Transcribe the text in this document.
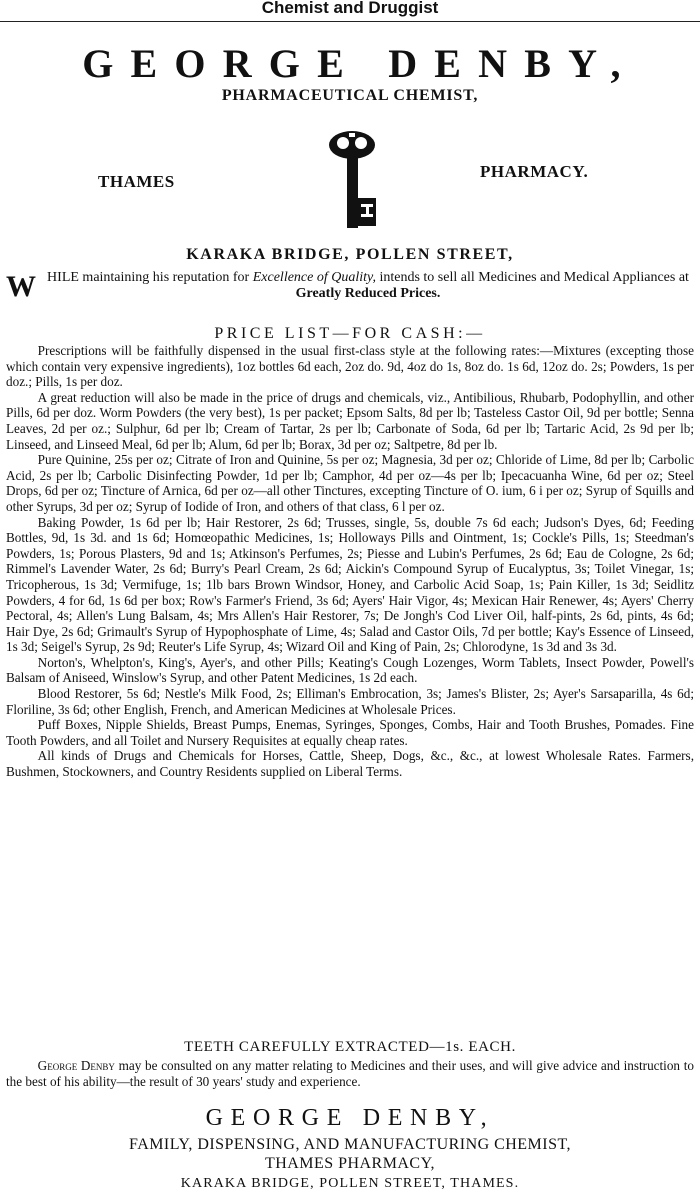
Chemist and Druggist
GEORGE DENBY,
PHARMACEUTICAL CHEMIST,
THAMES
PHARMACY.
KARAKA BRIDGE, POLLEN STREET,
W HILE maintaining his reputation for Excellence of Quality, intends to sell all Medicines and Medical Appliances at Greatly Reduced Prices.

PRICE LIST—FOR CASH:—

Prescriptions will be faithfully dispensed in the usual first-class style at the following rates:—Mixtures (excepting those which contain very expensive ingredients), 1oz bottles 6d each, 2oz do. 9d, 4oz do 1s, 8oz do. 1s 6d, 12oz do. 2s; Powders, 1s per doz.; Pills, 1s per doz.

A great reduction will also be made in the price of drugs and chemicals, viz., Antibilious, Rhubarb, Podophyllin, and other Pills, 6d per doz. Worm Powders (the very best), 1s per packet; Epsom Salts, 8d per lb; Tasteless Castor Oil, 9d per bottle; Senna Leaves, 2d per oz.; Sulphur, 6d per lb; Cream of Tartar, 2s per lb; Carbonate of Soda, 6d per lb; Tartaric Acid, 2s 9d per lb; Linseed, and Linseed Meal, 6d per lb; Alum, 6d per lb; Borax, 3d per oz; Saltpetre, 8d per lb.

Pure Quinine, 25s per oz; Citrate of Iron and Quinine, 5s per oz; Magnesia, 3d per oz; Chloride of Lime, 8d per lb; Carbolic Acid, 2s per lb; Carbolic Disinfecting Powder, 1d per lb; Camphor, 4d per oz—4s per lb; Ipecacuanha Wine, 6d per oz; Steel Drops, 6d per oz; Tincture of Arnica, 6d per oz—all other Tinctures, excepting Tincture of O. ium, 6 i per oz; Syrup of Squills and other Syrups, 3d per oz; Syrup of Iodide of Iron, and others of that class, 6 l per oz.

Baking Powder, 1s 6d per lb; Hair Restorer, 2s 6d; Trusses, single, 5s, double 7s 6d each; Judson's Dyes, 6d; Feeding Bottles, 9d, 1s 3d. and 1s 6d; Homœopathic Medicines, 1s; Holloways Pills and Ointment, 1s; Cockle's Pills, 1s; Steedman's Powders, 1s; Porous Plasters, 9d and 1s; Atkinson's Perfumes, 2s; Piesse and Lubin's Perfumes, 2s 6d; Eau de Cologne, 2s 6d; Rimmel's Lavender Water, 2s 6d; Burry's Pearl Cream, 2s 6d; Aickin's Compound Syrup of Eucalyptus, 3s; Toilet Vinegar, 1s; Tricopherous, 1s 3d; Vermifuge, 1s; 1lb bars Brown Windsor, Honey, and Carbolic Acid Soap, 1s; Pain Killer, 1s 3d; Seidlitz Powders, 4 for 6d, 1s 6d per box; Row's Farmer's Friend, 3s 6d; Ayers' Hair Vigor, 4s; Mexican Hair Renewer, 4s; Ayers' Cherry Pectoral, 4s; Allen's Lung Balsam, 4s; Mrs Allen's Hair Restorer, 7s; De Jongh's Cod Liver Oil, half-pints, 2s 6d, pints, 4s 6d; Hair Dye, 2s 6d; Grimault's Syrup of Hypophosphate of Lime, 4s; Salad and Castor Oils, 7d per bottle; Kay's Essence of Linseed, 1s 3d; Seigel's Syrup, 2s 9d; Reuter's Life Syrup, 4s; Wizard Oil and King of Pain, 2s; Chlorodyne, 1s 3d and 3s 3d.

Norton's, Whelpton's, King's, Ayer's, and other Pills; Keating's Cough Lozenges, Worm Tablets, Insect Powder, Powell's Balsam of Aniseed, Winslow's Syrup, and other Patent Medicines, 1s 2d each.

Blood Restorer, 5s 6d; Nestle's Milk Food, 2s; Elliman's Embrocation, 3s; James's Blister, 2s; Ayer's Sarsaparilla, 4s 6d; Floriline, 3s 6d; other English, French, and American Medicines at Wholesale Prices.

Puff Boxes, Nipple Shields, Breast Pumps, Enemas, Syringes, Sponges, Combs, Hair and Tooth Brushes, Pomades. Fine Tooth Powders, and all Toilet and Nursery Requisites at equally cheap rates.

All kinds of Drugs and Chemicals for Horses, Cattle, Sheep, Dogs, &c., &c., at lowest Wholesale Rates. Farmers, Bushmen, Stockowners, and Country Residents supplied on Liberal Terms.

TEETH CAREFULLY EXTRACTED—1s. EACH.

George Denby may be consulted on any matter relating to Medicines and their uses, and will give advice and instruction to the best of his ability—the result of 30 years' study and experience.

GEORGE DENBY,
FAMILY, DISPENSING, AND MANUFACTURING CHEMIST,
THAMES PHARMACY,
KARAKA BRIDGE, POLLEN STREET, THAMES.
